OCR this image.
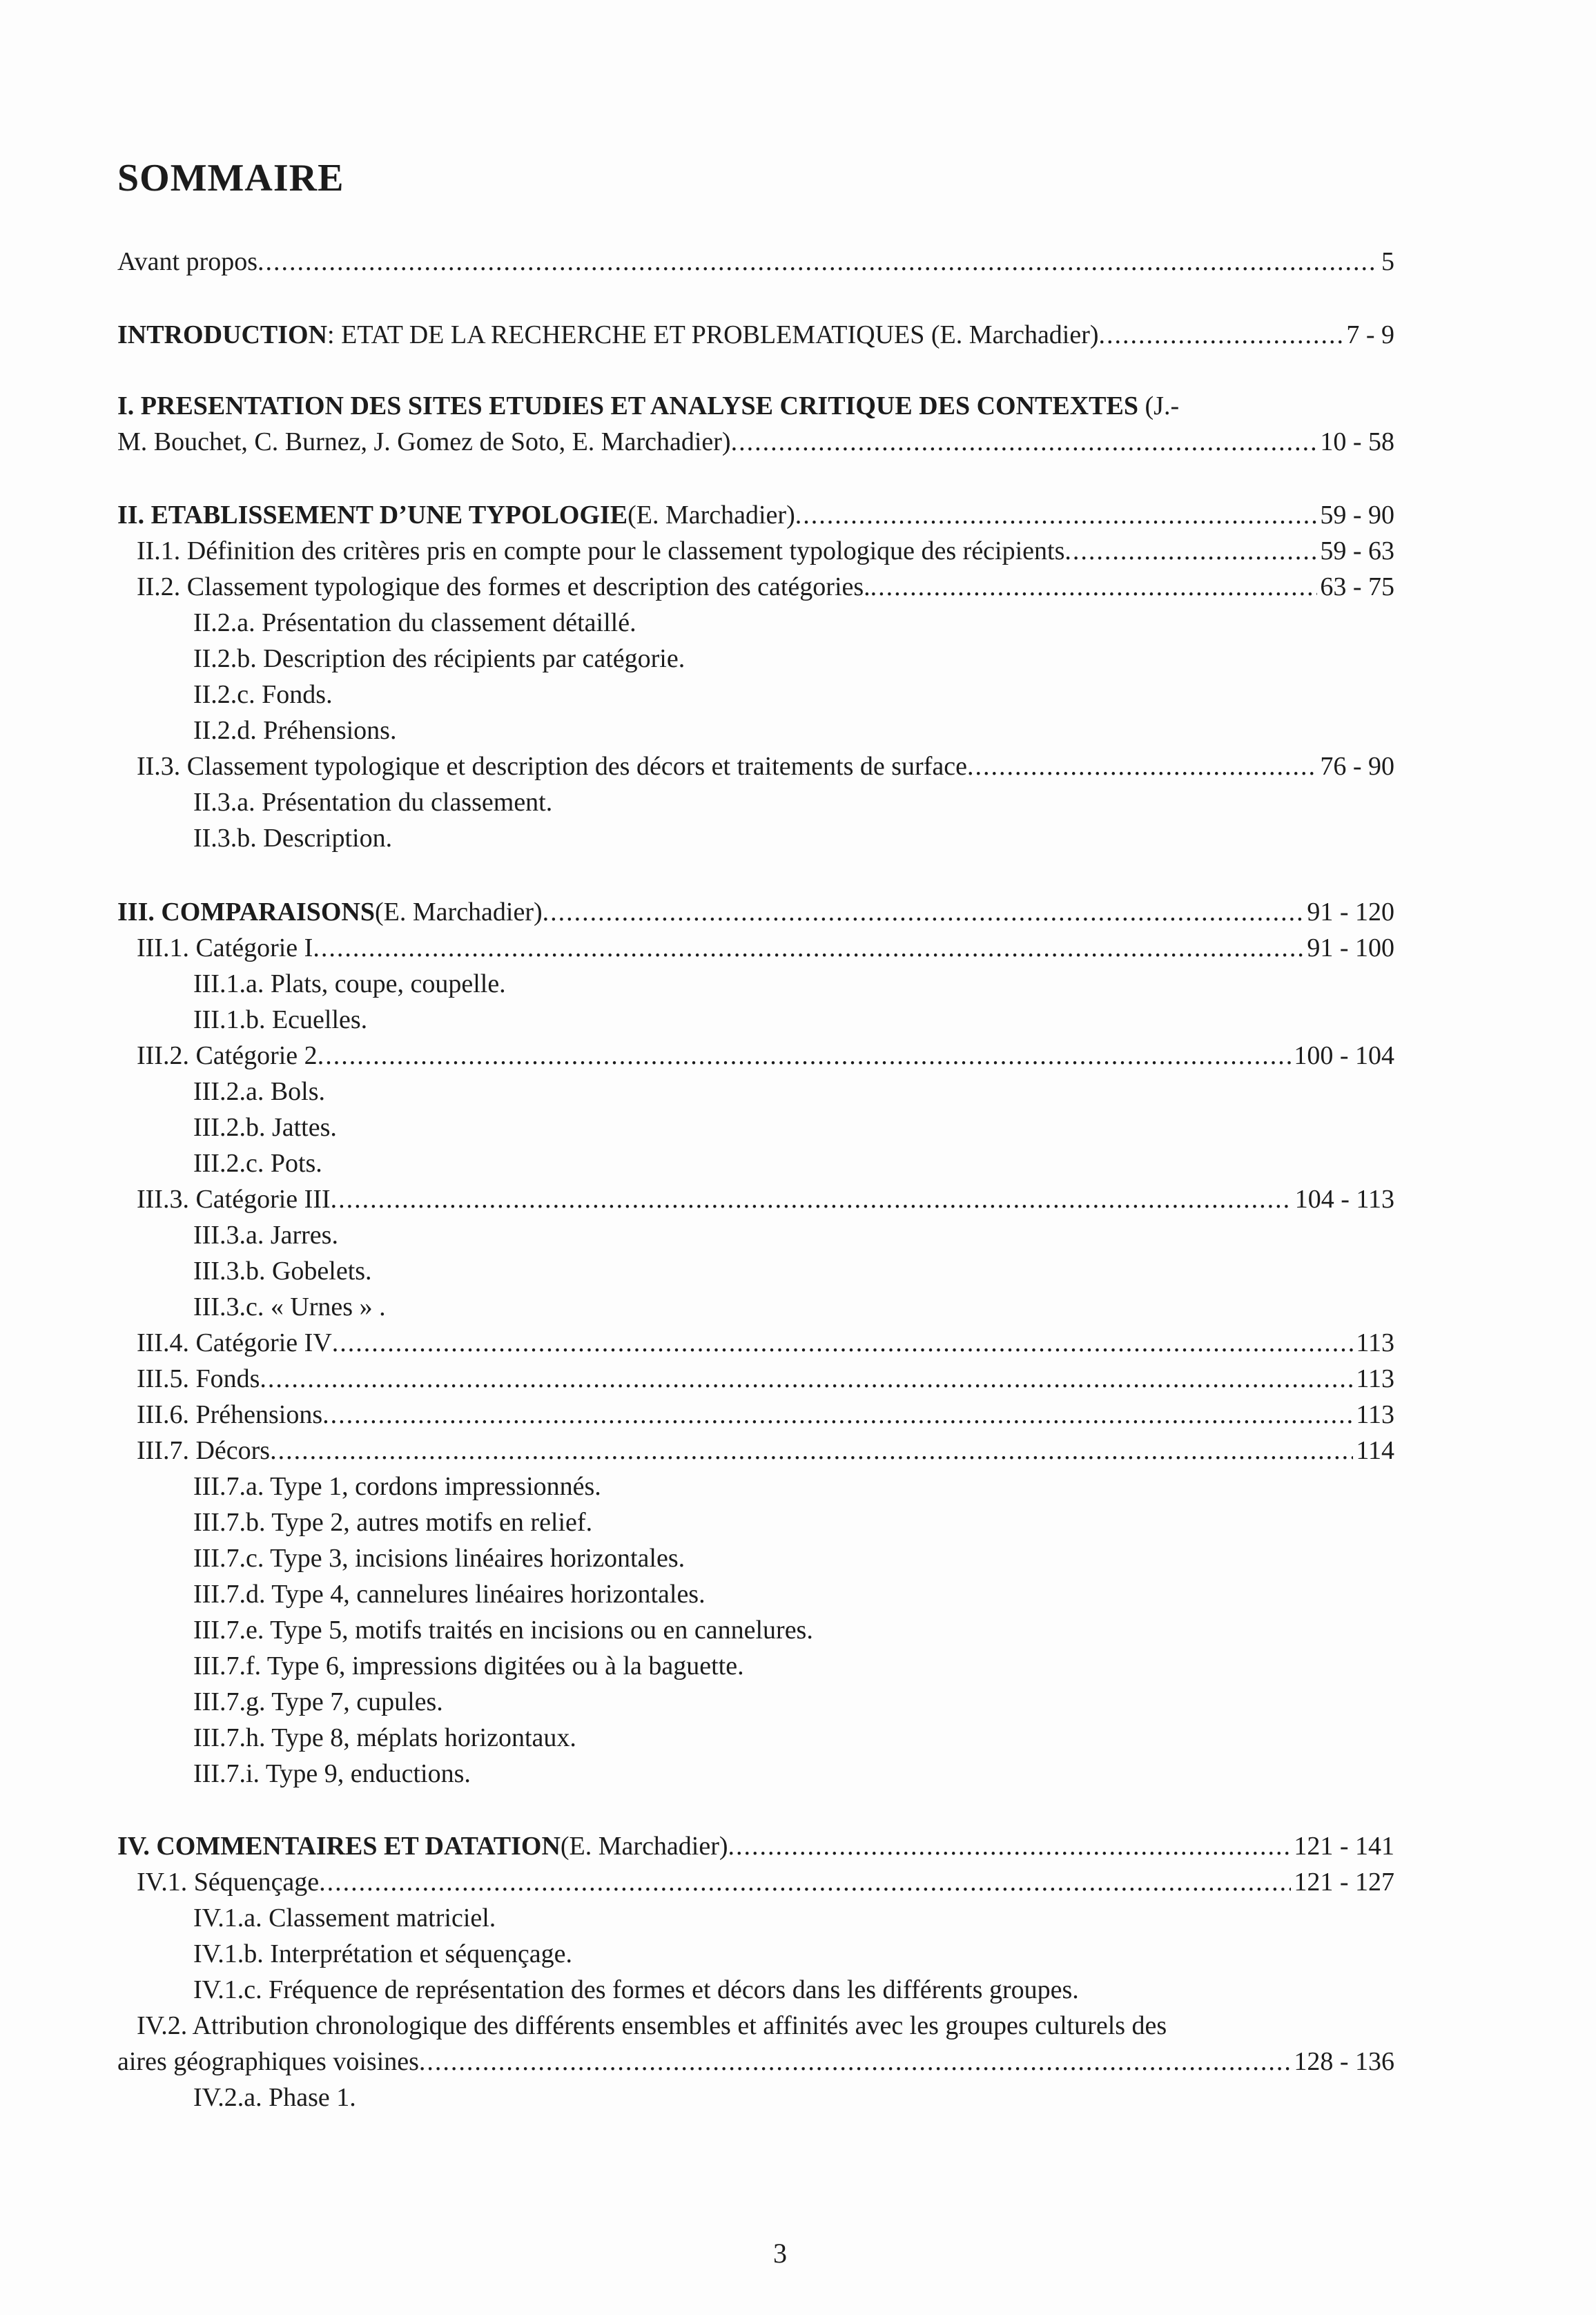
SOMMAIRE
Avant propos .....	5
INTRODUCTION : ETAT DE LA RECHERCHE ET PROBLEMATIQUES (E. Marchadier) .....	7 - 9
I. PRESENTATION DES SITES ETUDIES ET ANALYSE CRITIQUE DES CONTEXTES (J.-
M. Bouchet, C. Burnez, J. Gomez de Soto, E. Marchadier) .....	10 - 58
II. ETABLISSEMENT D’UNE TYPOLOGIE (E. Marchadier) .....	59 - 90
II.1. Définition des critères pris en compte pour le classement typologique des récipients .....	59 - 63
II.2. Classement typologique des formes et description des catégories. .....	63 - 75
II.2.a. Présentation du classement détaillé.
II.2.b. Description des récipients par catégorie.
II.2.c. Fonds.
II.2.d. Préhensions.
II.3. Classement typologique et description des décors et traitements de surface .....	76 - 90
II.3.a. Présentation du classement.
II.3.b. Description.
III. COMPARAISONS (E. Marchadier) .....	91 - 120
III.1. Catégorie I .....	91 - 100
III.1.a. Plats, coupe, coupelle.
III.1.b. Ecuelles.
III.2. Catégorie 2 .....	100 - 104
III.2.a. Bols.
III.2.b. Jattes.
III.2.c. Pots.
III.3. Catégorie III .....	104 - 113
III.3.a. Jarres.
III.3.b. Gobelets.
III.3.c. « Urnes » .
III.4. Catégorie IV .....	113
III.5. Fonds .....	113
III.6. Préhensions .....	113
III.7. Décors .....	114
III.7.a. Type 1, cordons impressionnés.
III.7.b. Type 2, autres motifs en relief.
III.7.c. Type 3, incisions linéaires horizontales.
III.7.d. Type 4, cannelures linéaires horizontales.
III.7.e. Type 5, motifs traités en incisions ou en cannelures.
III.7.f. Type 6, impressions digitées ou à la baguette.
III.7.g. Type 7, cupules.
III.7.h. Type 8, méplats horizontaux.
III.7.i. Type 9, enductions.
IV. COMMENTAIRES ET DATATION (E. Marchadier) .....	121 - 141
IV.1. Séquençage .....	121 - 127
IV.1.a. Classement matriciel.
IV.1.b. Interprétation et séquençage.
IV.1.c. Fréquence de représentation des formes et décors dans les différents groupes.
IV.2. Attribution chronologique des différents ensembles et affinités avec les groupes culturels des
aires géographiques voisines .....	128 - 136
IV.2.a. Phase 1.
3
